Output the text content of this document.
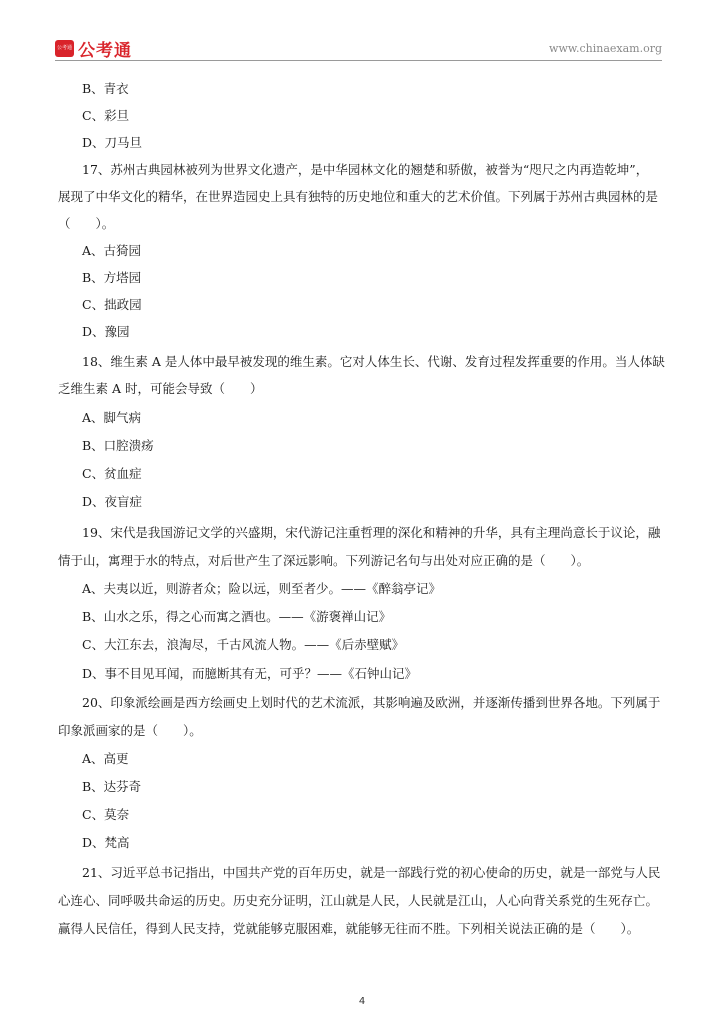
公考通 公考通	www.chinaexam.org
B、青衣
C、彩旦
D、刀马旦
17、苏州古典园林被列为世界文化遗产，是中华园林文化的翘楚和骄傲，被誉为“咫尺之内再造乾坤”，
展现了中华文化的精华，在世界造园史上具有独特的历史地位和重大的艺术价值。下列属于苏州古典园林的是
（　　）。
A、古猗园
B、方塔园
C、拙政园
D、豫园
18、维生素 A 是人体中最早被发现的维生素。它对人体生长、代谢、发育过程发挥重要的作用。当人体缺
乏维生素 A 时，可能会导致（　　）
A、脚气病
B、口腔溃疡
C、贫血症
D、夜盲症
19、宋代是我国游记文学的兴盛期，宋代游记注重哲理的深化和精神的升华，具有主理尚意长于议论，融
情于山，寓理于水的特点，对后世产生了深远影响。下列游记名句与出处对应正确的是（　　）。
A、夫夷以近，则游者众；险以远，则至者少。——《醉翁亭记》
B、山水之乐，得之心而寓之酒也。——《游褒禅山记》
C、大江东去，浪淘尽，千古风流人物。——《后赤壁赋》
D、事不目见耳闻，而臆断其有无，可乎？——《石钟山记》
20、印象派绘画是西方绘画史上划时代的艺术流派，其影响遍及欧洲，并逐渐传播到世界各地。下列属于
印象派画家的是（　　）。
A、高更
B、达芬奇
C、莫奈
D、梵高
21、习近平总书记指出，中国共产党的百年历史，就是一部践行党的初心使命的历史，就是一部党与人民
心连心、同呼吸共命运的历史。历史充分证明，江山就是人民，人民就是江山，人心向背关系党的生死存亡。
赢得人民信任，得到人民支持，党就能够克服困难，就能够无往而不胜。下列相关说法正确的是（　　）。
4
